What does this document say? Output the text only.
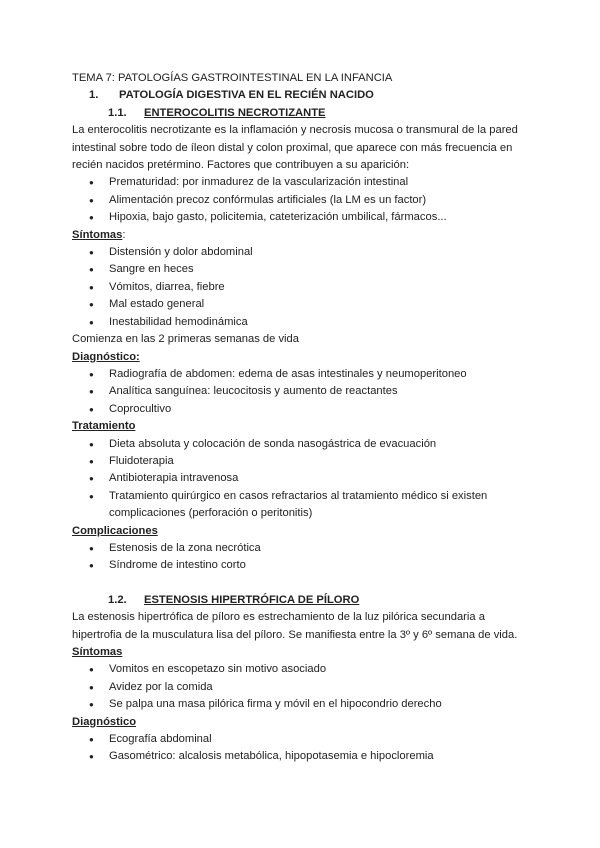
TEMA 7: PATOLOGÍAS GASTROINTESTINAL EN LA INFANCIA
1. PATOLOGÍA DIGESTIVA EN EL RECIÉN NACIDO
1.1. ENTEROCOLITIS NECROTIZANTE
La enterocolitis necrotizante es la inflamación y necrosis mucosa o transmural de la pared
intestinal sobre todo de íleon distal y colon proximal, que aparece con más frecuencia en
recién nacidos pretérmino. Factores que contribuyen a su aparición:
● Prematuridad: por inmadurez de la vascularización intestinal
● Alimentación precoz confórmulas artificiales (la LM es un factor)
● Hipoxia, bajo gasto, policitemia, cateterización umbilical, fármacos...
Síntomas:
● Distensión y dolor abdominal
● Sangre en heces
● Vómitos, diarrea, fiebre
● Mal estado general
● Inestabilidad hemodinámica
Comienza en las 2 primeras semanas de vida
Diagnóstico:
● Radiografía de abdomen: edema de asas intestinales y neumoperitoneo
● Analítica sanguínea: leucocitosis y aumento de reactantes
● Coprocultivo
Tratamiento
● Dieta absoluta y colocación de sonda nasogástrica de evacuación
● Fluidoterapia
● Antibioterapia intravenosa
● Tratamiento quirúrgico en casos refractarios al tratamiento médico si existen
complicaciones (perforación o peritonitis)
Complicaciones
● Estenosis de la zona necrótica
● Síndrome de intestino corto
1.2. ESTENOSIS HIPERTRÓFICA DE PÍLORO
La estenosis hipertrófica de píloro es estrechamiento de la luz pilórica secundaria a
hipertrofia de la musculatura lisa del píloro. Se manifiesta entre la 3º y 6º semana de vida.
Síntomas
● Vomitos en escopetazo sin motivo asociado
● Avidez por la comida
● Se palpa una masa pilórica firma y móvil en el hipocondrio derecho
Diagnóstico
● Ecografía abdominal
● Gasométrico: alcalosis metabólica, hipopotasemia e hipocloremia
